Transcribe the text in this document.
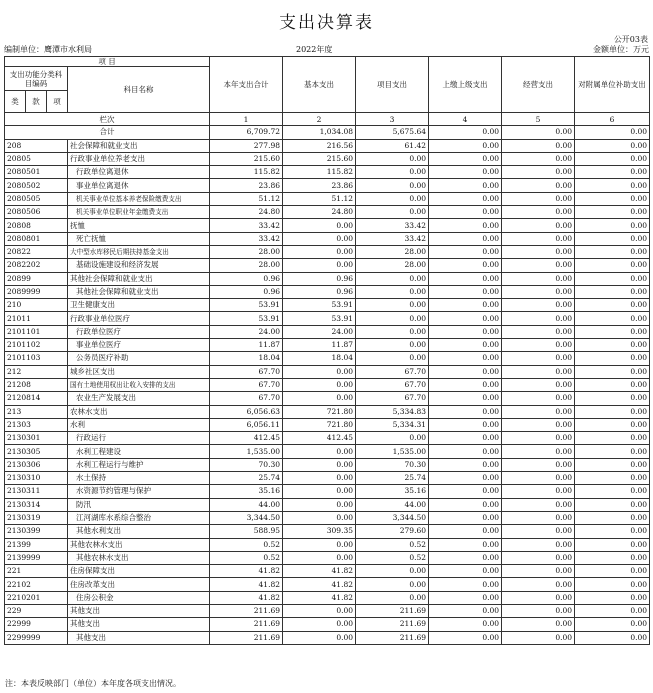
支出决算表
公开03表
编制单位：鹰潭市水利局	2022年度	金额单位：万元
项 目				本年支出合计	基本支出	项目支出	上缴上级支出	经营支出	对附属单位补助支出
支出功能分类科目编码			科目名称						
类	款	项							
栏次				1	2	3	4	5	6
合计				6,709.72	1,034.08	5,675.64	0.00	0.00	0.00
208			社会保障和就业支出	277.98	216.56	61.42	0.00	0.00	0.00
20805			行政事业单位养老支出	215.60	215.60	0.00	0.00	0.00	0.00
2080501			行政单位离退休	115.82	115.82	0.00	0.00	0.00	0.00
2080502			事业单位离退休	23.86	23.86	0.00	0.00	0.00	0.00
2080505			机关事业单位基本养老保险缴费支出	51.12	51.12	0.00	0.00	0.00	0.00
2080506			机关事业单位职业年金缴费支出	24.80	24.80	0.00	0.00	0.00	0.00
20808			抚恤	33.42	0.00	33.42	0.00	0.00	0.00
2080801			死亡抚恤	33.42	0.00	33.42	0.00	0.00	0.00
20822			大中型水库移民后期扶持基金支出	28.00	0.00	28.00	0.00	0.00	0.00
2082202			基础设施建设和经济发展	28.00	0.00	28.00	0.00	0.00	0.00
20899			其他社会保障和就业支出	0.96	0.96	0.00	0.00	0.00	0.00
2089999			其他社会保障和就业支出	0.96	0.96	0.00	0.00	0.00	0.00
210			卫生健康支出	53.91	53.91	0.00	0.00	0.00	0.00
21011			行政事业单位医疗	53.91	53.91	0.00	0.00	0.00	0.00
2101101			行政单位医疗	24.00	24.00	0.00	0.00	0.00	0.00
2101102			事业单位医疗	11.87	11.87	0.00	0.00	0.00	0.00
2101103			公务员医疗补助	18.04	18.04	0.00	0.00	0.00	0.00
212			城乡社区支出	67.70	0.00	67.70	0.00	0.00	0.00
21208			国有土地使用权出让收入安排的支出	67.70	0.00	67.70	0.00	0.00	0.00
2120814			农业生产发展支出	67.70	0.00	67.70	0.00	0.00	0.00
213			农林水支出	6,056.63	721.80	5,334.83	0.00	0.00	0.00
21303			水利	6,056.11	721.80	5,334.31	0.00	0.00	0.00
2130301			行政运行	412.45	412.45	0.00	0.00	0.00	0.00
2130305			水利工程建设	1,535.00	0.00	1,535.00	0.00	0.00	0.00
2130306			水利工程运行与维护	70.30	0.00	70.30	0.00	0.00	0.00
2130310			水土保持	25.74	0.00	25.74	0.00	0.00	0.00
2130311			水资源节约管理与保护	35.16	0.00	35.16	0.00	0.00	0.00
2130314			防汛	44.00	0.00	44.00	0.00	0.00	0.00
2130319			江河湖库水系综合整治	3,344.50	0.00	3,344.50	0.00	0.00	0.00
2130399			其他水利支出	588.95	309.35	279.60	0.00	0.00	0.00
21399			其他农林水支出	0.52	0.00	0.52	0.00	0.00	0.00
2139999			其他农林水支出	0.52	0.00	0.52	0.00	0.00	0.00
221			住房保障支出	41.82	41.82	0.00	0.00	0.00	0.00
22102			住房改革支出	41.82	41.82	0.00	0.00	0.00	0.00
2210201			住房公积金	41.82	41.82	0.00	0.00	0.00	0.00
229			其他支出	211.69	0.00	211.69	0.00	0.00	0.00
22999			其他支出	211.69	0.00	211.69	0.00	0.00	0.00
2299999			其他支出	211.69	0.00	211.69	0.00	0.00	0.00
注：本表反映部门（单位）本年度各项支出情况。
